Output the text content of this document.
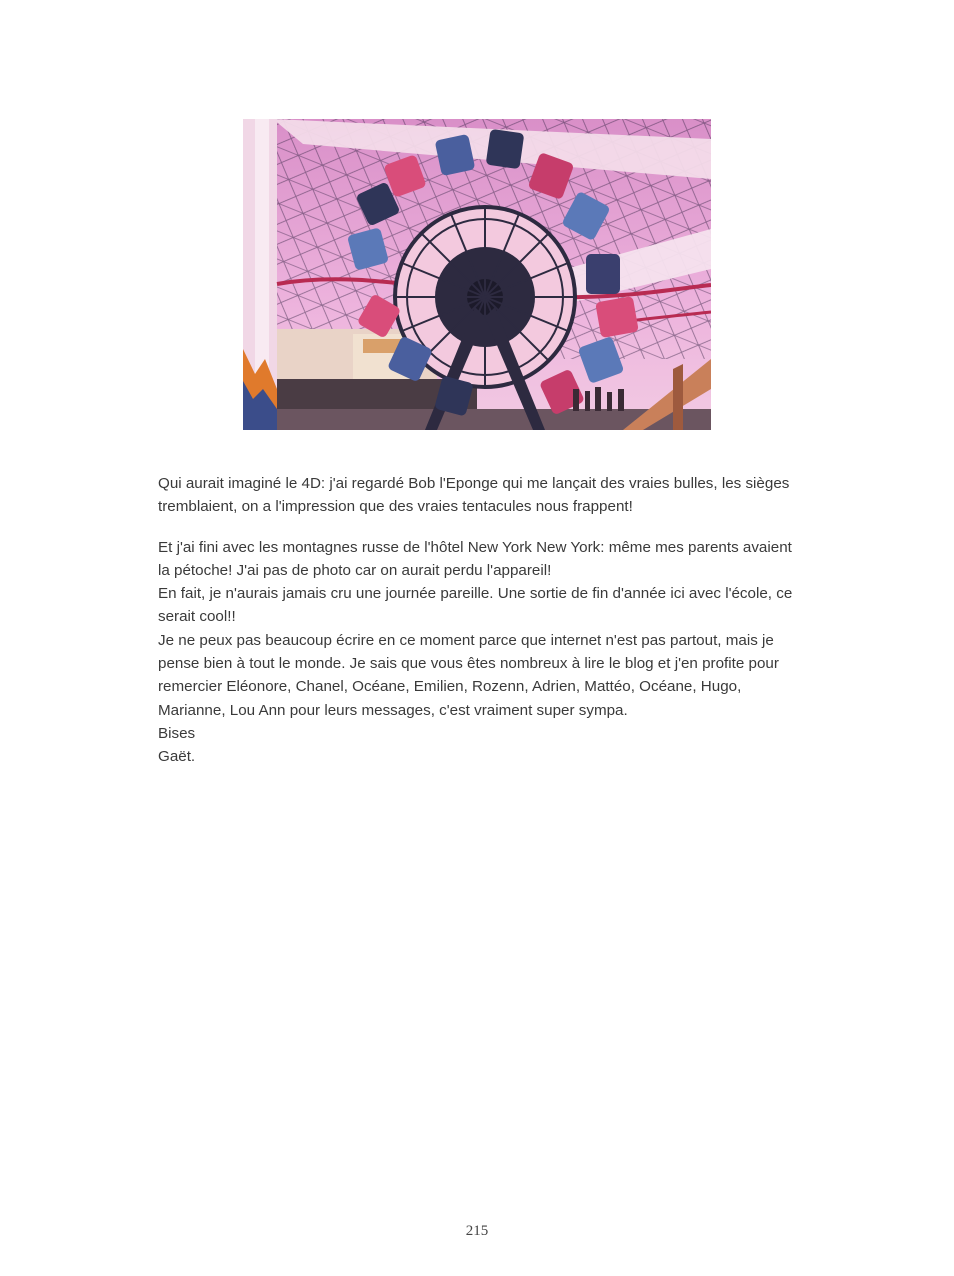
Qui aurait imaginé le 4D: j'ai regardé Bob l'Eponge qui me lançait des vraies bulles, les sièges tremblaient, on a l'impression que des vraies tentacules nous frappent!

Et j'ai fini avec les montagnes russe de l'hôtel New York New York: même mes parents avaient la pétoche! J'ai pas de photo car on aurait perdu l'appareil!

En fait, je n'aurais jamais cru une journée pareille. Une sortie de fin d'année ici avec l'école, ce serait cool!!

Je ne peux pas beaucoup écrire en ce moment parce que internet n'est pas partout, mais je pense bien à tout le monde. Je sais que vous êtes nombreux à lire le blog et j'en profite pour remercier Eléonore, Chanel, Océane, Emilien, Rozenn, Adrien, Mattéo, Océane, Hugo, Marianne, Lou Ann pour leurs messages, c'est vraiment super sympa.

Bises

Gaët.

215
